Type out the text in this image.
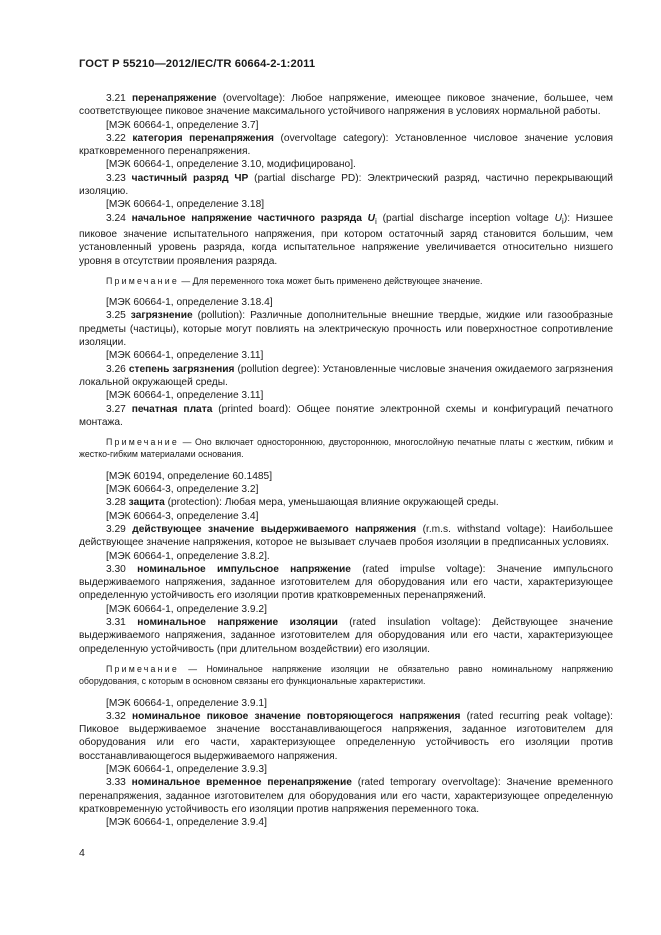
ГОСТ Р 55210—2012/IEC/TR 60664-2-1:2011

3.21 перенапряжение (overvoltage): Любое напряжение, имеющее пиковое значение, большее, чем соответствующее пиковое значение максимального устойчивого напряжения в условиях нормальной работы.

[МЭК 60664-1, определение 3.7]

3.22 категория перенапряжения (overvoltage category): Установленное числовое значение условия кратковременного перенапряжения.

[МЭК 60664-1, определение 3.10, модифицировано].

3.23 частичный разряд ЧР (partial discharge PD): Электрический разряд, частично перекрывающий изоляцию.

[МЭК 60664-1, определение 3.18]

3.24 начальное напряжение частичного разряда $U_i$ (partial discharge inception voltage $U_i$): Низшее пиковое значение испытательного напряжения, при котором остаточный заряд становится большим, чем установленный уровень разряда, когда испытательное напряжение увеличивается относительно низшего уровня в отсутствии проявления разряда.

Примечание — Для переменного тока может быть применено действующее значение.

[МЭК 60664-1, определение 3.18.4]

3.25 загрязнение (pollution): Различные дополнительные внешние твердые, жидкие или газообразные предметы (частицы), которые могут повлиять на электрическую прочность или поверхностное сопротивление изоляции.

[МЭК 60664-1, определение 3.11]

3.26 степень загрязнения (pollution degree): Установленные числовые значения ожидаемого загрязнения локальной окружающей среды.

[МЭК 60664-1, определение 3.11]

3.27 печатная плата (printed board): Общее понятие электронной схемы и конфигураций печатного монтажа.

Примечание — Оно включает одностороннюю, двустороннюю, многослойную печатные платы с жестким, гибким и жестко-гибким материалами основания.

[МЭК 60194, определение 60.1485]

[МЭК 60664-3, определение 3.2]

3.28 защита (protection): Любая мера, уменьшающая влияние окружающей среды.

[МЭК 60664-3, определение 3.4]

3.29 действующее значение выдерживаемого напряжения (r.m.s. withstand voltage): Наибольшее действующее значение напряжения, которое не вызывает случаев пробоя изоляции в предписанных условиях.

[МЭК 60664-1, определение 3.8.2].

3.30 номинальное импульсное напряжение (rated impulse voltage): Значение импульсного выдерживаемого напряжения, заданное изготовителем для оборудования или его части, характеризующее определенную устойчивость его изоляции против кратковременных перенапряжений.

[МЭК 60664-1, определение 3.9.2]

3.31 номинальное напряжение изоляции (rated insulation voltage): Действующее значение выдерживаемого напряжения, заданное изготовителем для оборудования или его части, характеризующее определенную устойчивость (при длительном воздействии) его изоляции.

Примечание — Номинальное напряжение изоляции не обязательно равно номинальному напряжению оборудования, с которым в основном связаны его функциональные характеристики.

[МЭК 60664-1, определение 3.9.1]

3.32 номинальное пиковое значение повторяющегося напряжения (rated recurring peak voltage): Пиковое выдерживаемое значение восстанавливающегося напряжения, заданное изготовителем для оборудования или его части, характеризующее определенную устойчивость его изоляции против восстанавливающегося выдерживаемого напряжения.

[МЭК 60664-1, определение 3.9.3]

3.33 номинальное временное перенапряжение (rated temporary overvoltage): Значение временного перенапряжения, заданное изготовителем для оборудования или его части, характеризующее определенную кратковременную устойчивость его изоляции против напряжения переменного тока.

[МЭК 60664-1, определение 3.9.4]

4
